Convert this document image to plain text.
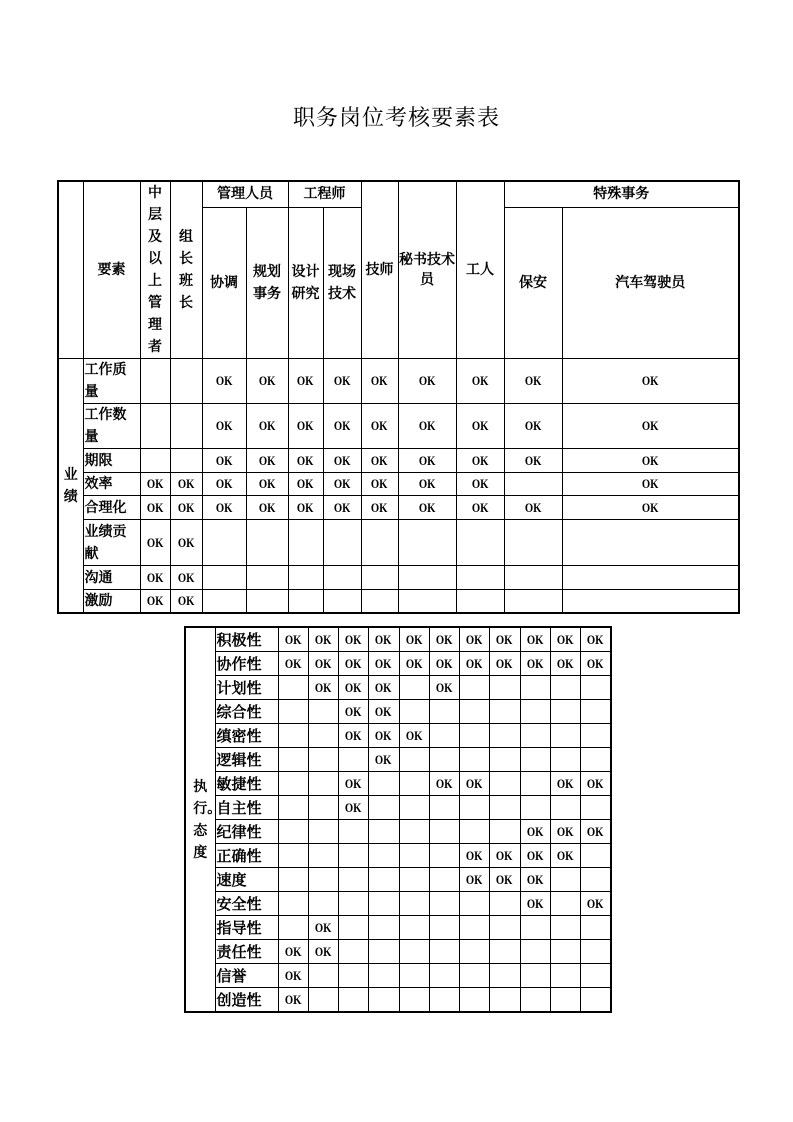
职务岗位考核要素表
	要素	中层及以上管理者	组长班长	管理人员		工程师		技师	秘书技术员	工人	特殊事务	
				协调	规划事务	设计研究	现场技术				保安	汽车驾驶员
业绩	工作质量			OK	OK	OK	OK	OK	OK	OK	OK	OK
	工作数量			OK	OK	OK	OK	OK	OK	OK	OK	OK
	期限			OK	OK	OK	OK	OK	OK	OK	OK	OK
	效率	OK	OK	OK	OK	OK	OK	OK	OK	OK		OK
	合理化	OK	OK	OK	OK	OK	OK	OK	OK	OK	OK	OK
	业绩贡献	OK	OK									
	沟通	OK	OK									
	激励	OK	OK									
执行。态度	积极性	OK	OK	OK	OK	OK	OK	OK	OK	OK	OK	OK
	协作性	OK	OK	OK	OK	OK	OK	OK	OK	OK	OK	OK
	计划性		OK	OK	OK		OK					
	综合性			OK	OK							
	缜密性			OK	OK	OK						
	逻辑性				OK							
	敏捷性			OK			OK	OK			OK	OK
	自主性			OK								
	纪律性									OK	OK	OK
	正确性							OK	OK	OK	OK	
	速度							OK	OK	OK		
	安全性									OK		OK
	指导性		OK									
	责任性	OK	OK									
	信誉	OK										
	创造性	OK										
